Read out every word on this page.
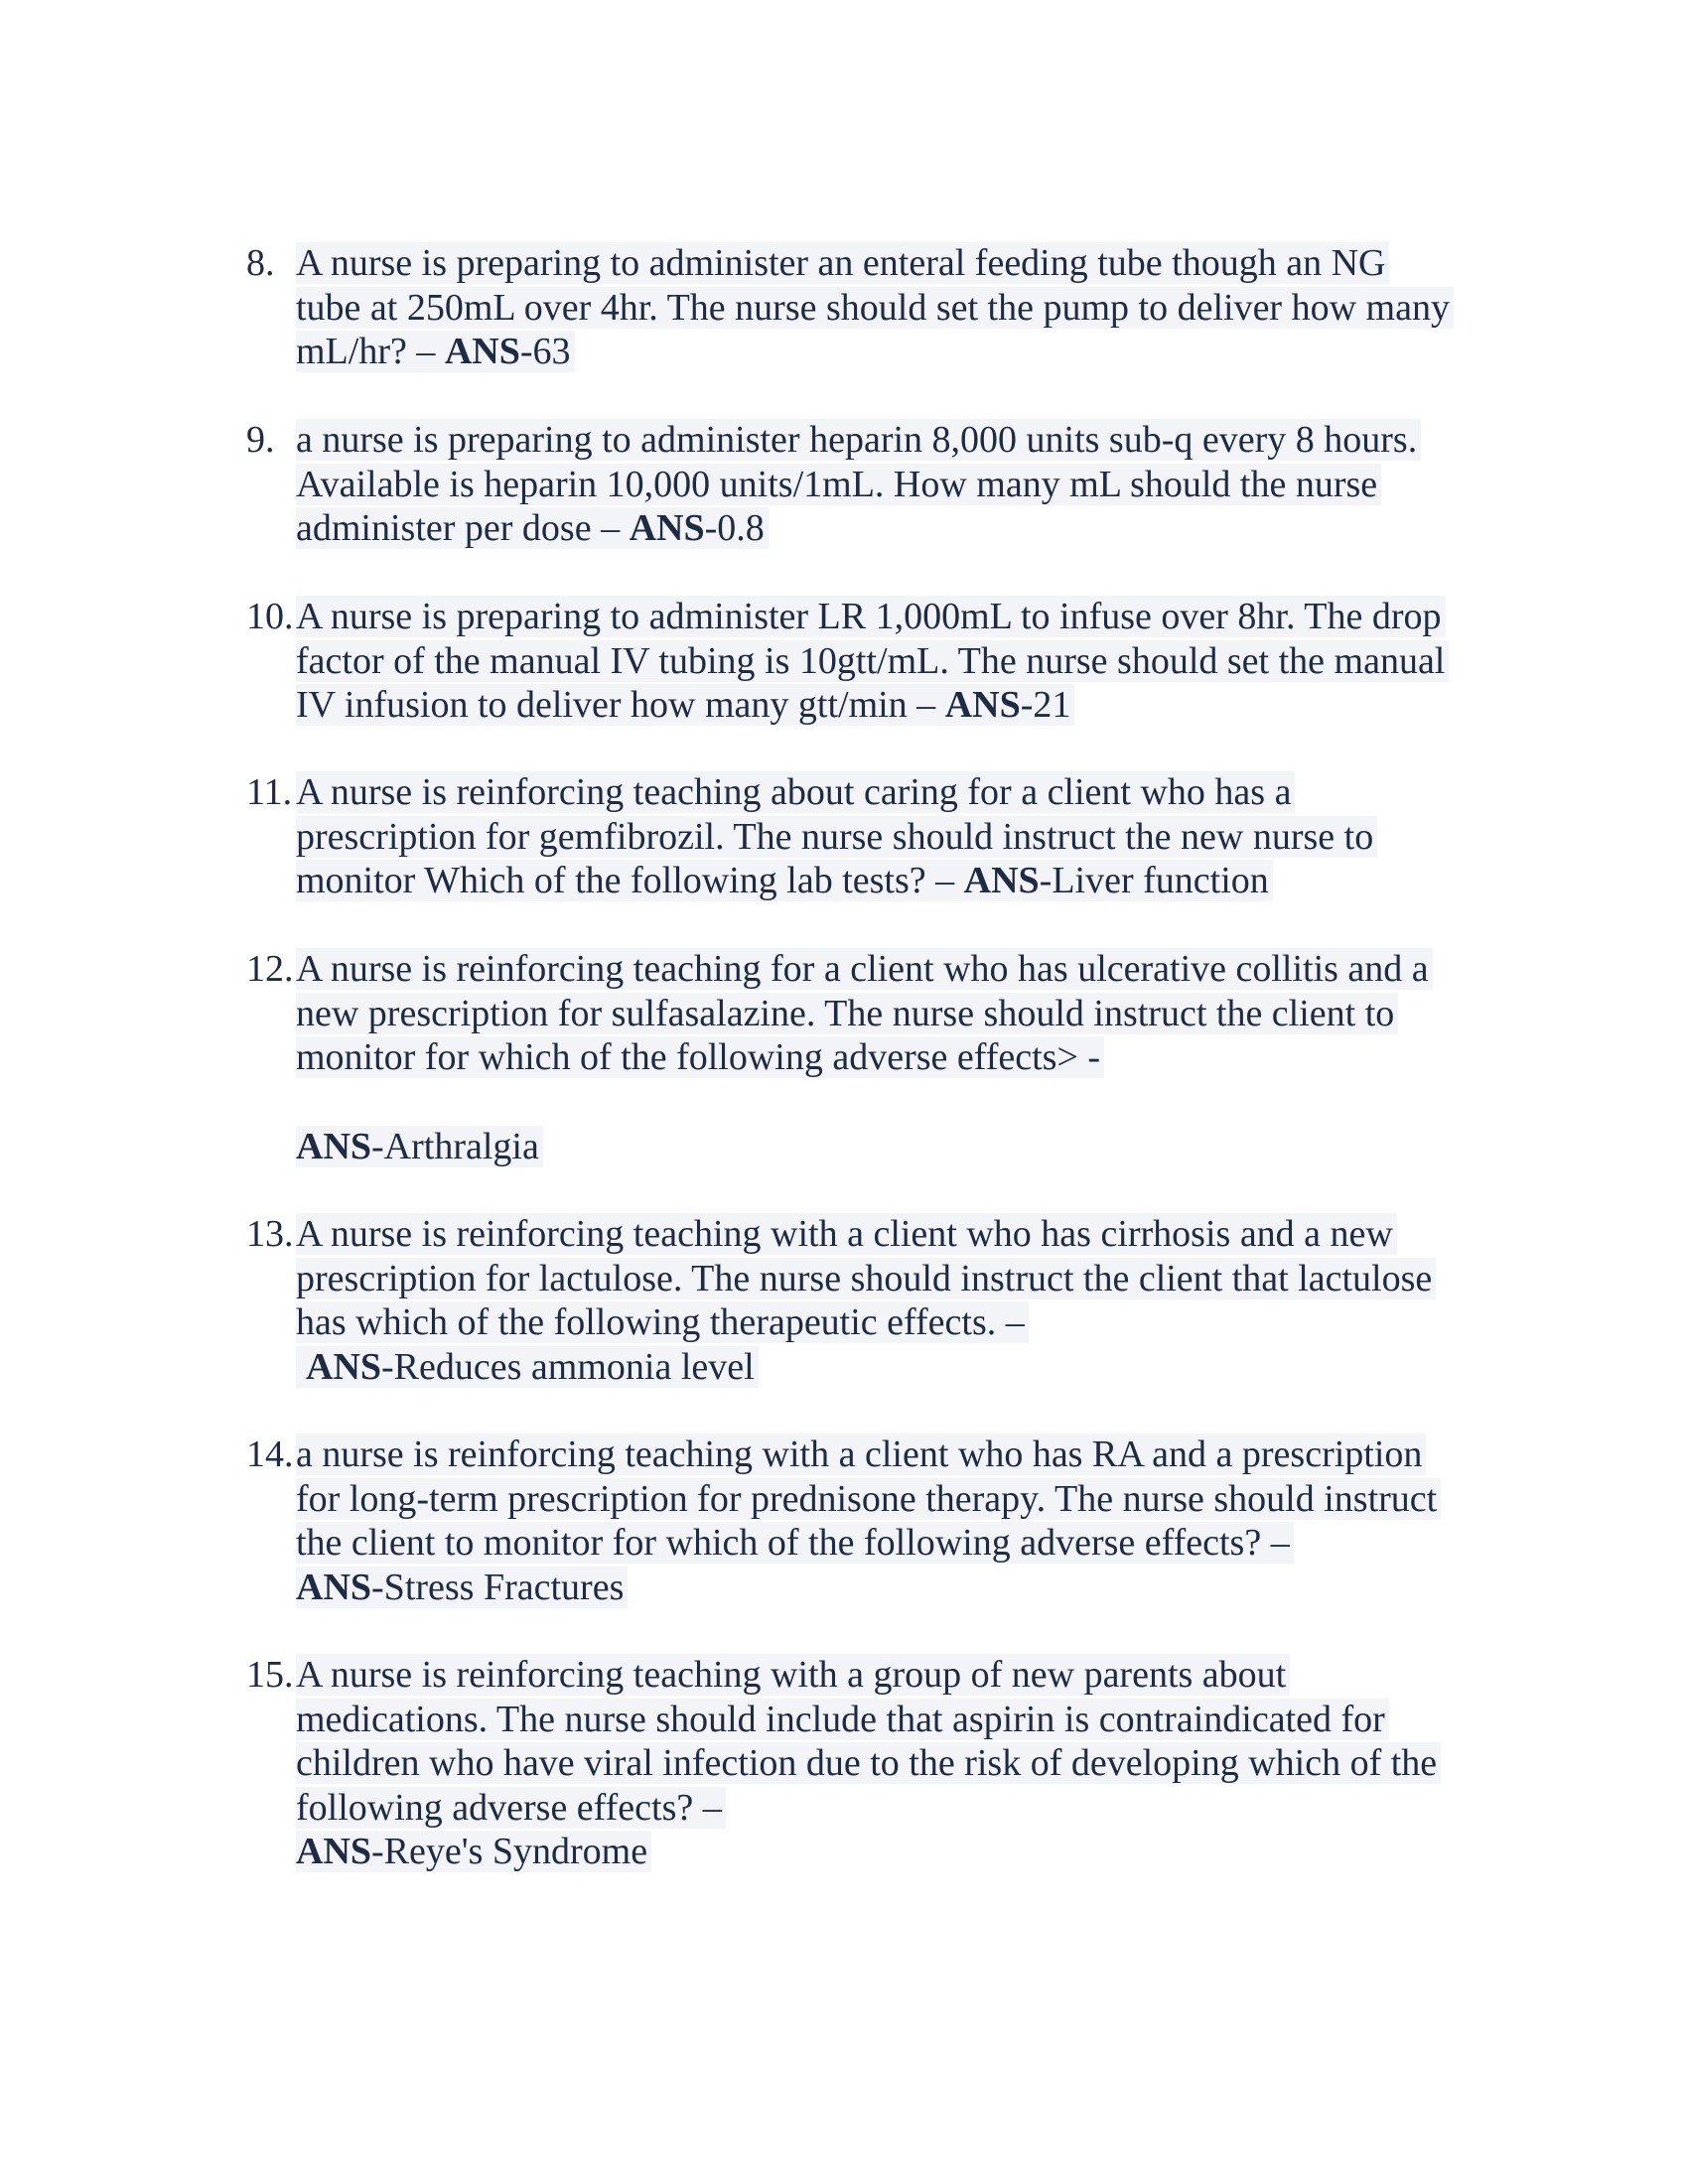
8. A nurse is preparing to administer an enteral feeding tube though an NG
tube at 250mL over 4hr. The nurse should set the pump to deliver how many
mL/hr? – ANS-63
9. a nurse is preparing to administer heparin 8,000 units sub-q every 8 hours.
Available is heparin 10,000 units/1mL. How many mL should the nurse
administer per dose – ANS-0.8
10. A nurse is preparing to administer LR 1,000mL to infuse over 8hr. The drop
factor of the manual IV tubing is 10gtt/mL. The nurse should set the manual
IV infusion to deliver how many gtt/min – ANS-21
11. A nurse is reinforcing teaching about caring for a client who has a
prescription for gemfibrozil. The nurse should instruct the new nurse to
monitor Which of the following lab tests? – ANS-Liver function
12. A nurse is reinforcing teaching for a client who has ulcerative collitis and a
new prescription for sulfasalazine. The nurse should instruct the client to
monitor for which of the following adverse effects> -
ANS-Arthralgia
13. A nurse is reinforcing teaching with a client who has cirrhosis and a new
prescription for lactulose. The nurse should instruct the client that lactulose
has which of the following therapeutic effects. –
ANS-Reduces ammonia level
14. a nurse is reinforcing teaching with a client who has RA and a prescription
for long-term prescription for prednisone therapy. The nurse should instruct
the client to monitor for which of the following adverse effects? –
ANS-Stress Fractures
15. A nurse is reinforcing teaching with a group of new parents about
medications. The nurse should include that aspirin is contraindicated for
children who have viral infection due to the risk of developing which of the
following adverse effects? –
ANS-Reye's Syndrome
